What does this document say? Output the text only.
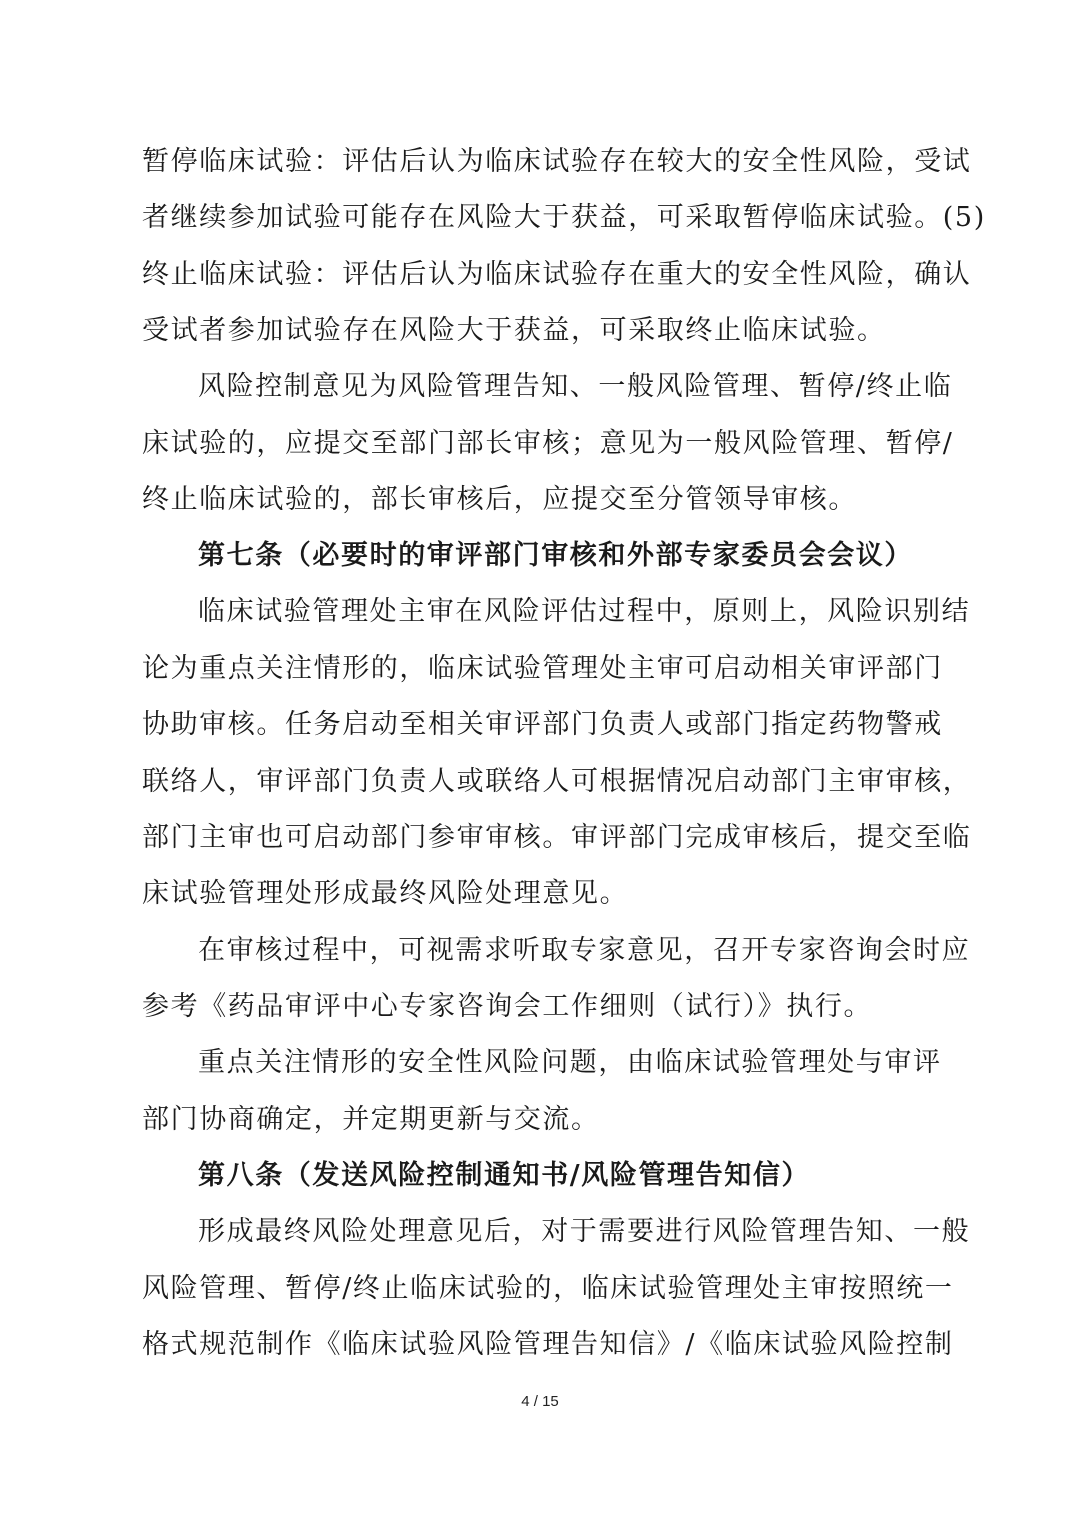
暂停临床试验：评估后认为临床试验存在较大的安全性风险，受试
者继续参加试验可能存在风险大于获益，可采取暂停临床试验。(5)
终止临床试验：评估后认为临床试验存在重大的安全性风险，确认
受试者参加试验存在风险大于获益，可采取终止临床试验。
风险控制意见为风险管理告知、一般风险管理、暂停/终止临
床试验的，应提交至部门部长审核；意见为一般风险管理、暂停/
终止临床试验的，部长审核后，应提交至分管领导审核。
第七条（必要时的审评部门审核和外部专家委员会会议）
临床试验管理处主审在风险评估过程中，原则上，风险识别结
论为重点关注情形的，临床试验管理处主审可启动相关审评部门
协助审核。任务启动至相关审评部门负责人或部门指定药物警戒
联络人，审评部门负责人或联络人可根据情况启动部门主审审核，
部门主审也可启动部门参审审核。审评部门完成审核后，提交至临
床试验管理处形成最终风险处理意见。
在审核过程中，可视需求听取专家意见，召开专家咨询会时应
参考《药品审评中心专家咨询会工作细则（试行）》执行。
重点关注情形的安全性风险问题，由临床试验管理处与审评
部门协商确定，并定期更新与交流。
第八条（发送风险控制通知书/风险管理告知信）
形成最终风险处理意见后，对于需要进行风险管理告知、一般
风险管理、暂停/终止临床试验的，临床试验管理处主审按照统一
格式规范制作《临床试验风险管理告知信》/《临床试验风险控制
4 / 15
